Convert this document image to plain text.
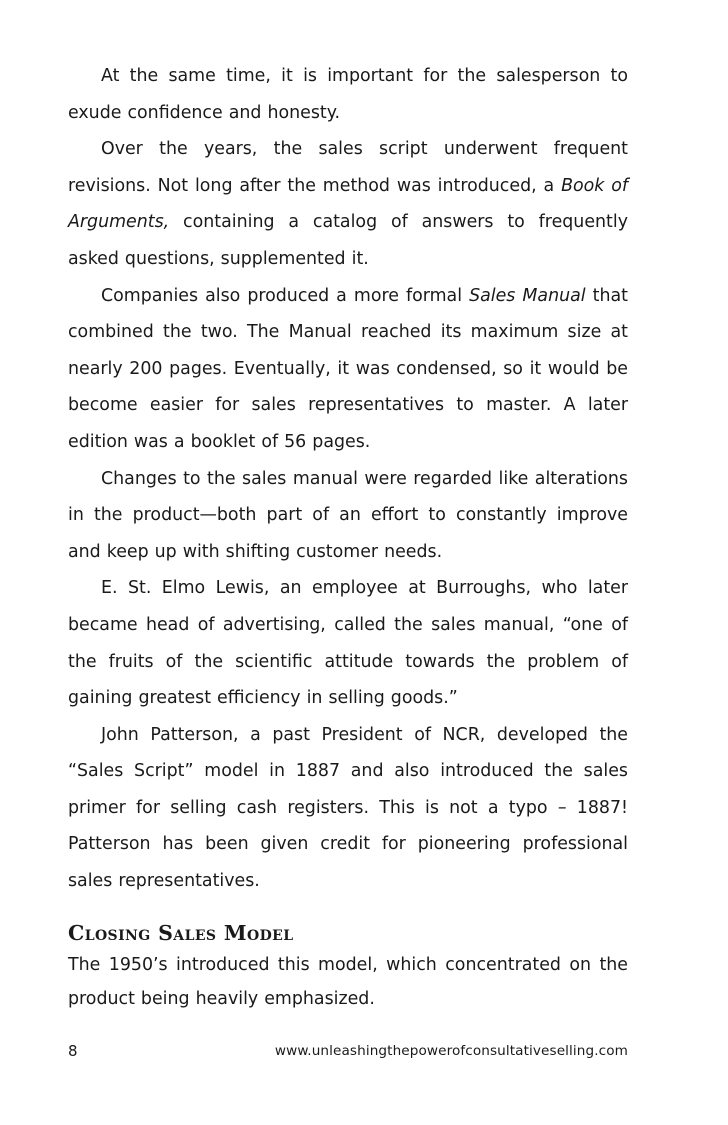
At the same time, it is important for the salesperson to exude confidence and honesty.

Over the years, the sales script underwent frequent revisions. Not long after the method was introduced, a Book of Arguments, containing a catalog of answers to frequently asked questions, supplemented it.

Companies also produced a more formal Sales Manual that combined the two. The Manual reached its maximum size at nearly 200 pages. Eventually, it was condensed, so it would be become easier for sales representatives to master. A later edition was a booklet of 56 pages.

Changes to the sales manual were regarded like alterations in the product—both part of an effort to constantly improve and keep up with shifting customer needs.

E. St. Elmo Lewis, an employee at Burroughs, who later became head of advertising, called the sales manual, “one of the fruits of the scientific attitude towards the problem of gaining greatest efficiency in selling goods.”

John Patterson, a past President of NCR, developed the “Sales Script” model in 1887 and also introduced the sales primer for selling cash registers. This is not a typo – 1887! Patterson has been given credit for pioneering professional sales representatives.

Closing Sales Model

The 1950’s introduced this model, which concentrated on the product being heavily emphasized.

8	www.unleashingthepowerofconsultativeselling.com
